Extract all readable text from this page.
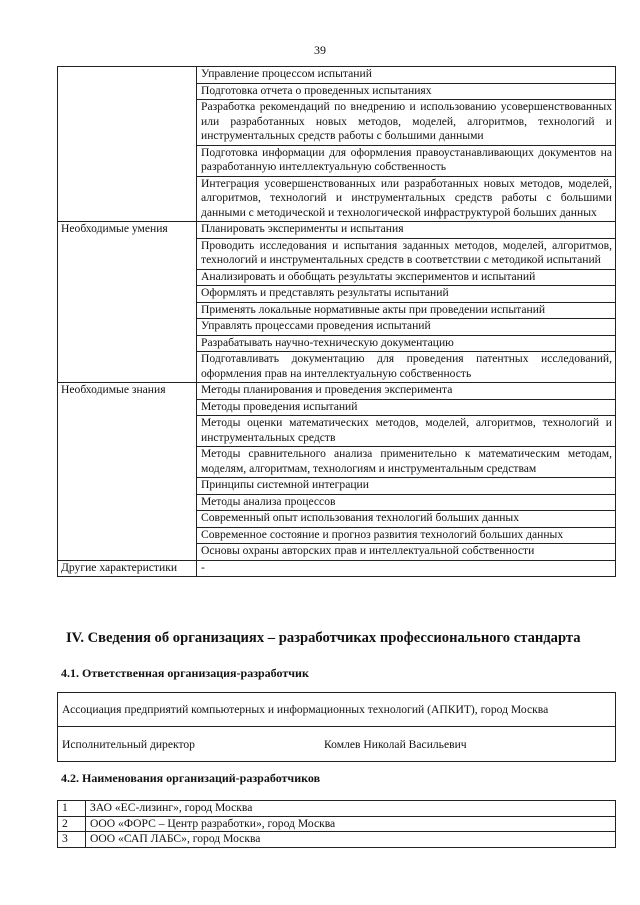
39
	Управление процессом испытаний
	Подготовка отчета о проведенных испытаниях
	Разработка рекомендаций по внедрению и использованию усовершенствованных или разработанных новых методов, моделей, алгоритмов, технологий и инструментальных средств работы с большими данными
	Подготовка информации для оформления правоустанавливающих документов на разработанную интеллектуальную собственность
	Интеграция усовершенствованных или разработанных новых методов, моделей, алгоритмов, технологий и инструментальных средств работы с большими данными с методической и технологической инфраструктурой больших данных
Необходимые умения	Планировать эксперименты и испытания
	Проводить исследования и испытания заданных методов, моделей, алгоритмов, технологий и инструментальных средств в соответствии с методикой испытаний
	Анализировать и обобщать результаты экспериментов и испытаний
	Оформлять и представлять результаты испытаний
	Применять локальные нормативные акты при проведении испытаний
	Управлять процессами проведения испытаний
	Разрабатывать научно-техническую документацию
	Подготавливать документацию для проведения патентных исследований, оформления прав на интеллектуальную собственность
Необходимые знания	Методы планирования и проведения эксперимента
	Методы проведения испытаний
	Методы оценки математических методов, моделей, алгоритмов, технологий и инструментальных средств
	Методы сравнительного анализа применительно к математическим методам, моделям, алгоритмам, технологиям и инструментальным средствам
	Принципы системной интеграции
	Методы анализа процессов
	Современный опыт использования технологий больших данных
	Современное состояние и прогноз развития технологий больших данных
	Основы охраны авторских прав и интеллектуальной собственности
Другие характеристики	-
IV. Сведения об организациях – разработчиках профессионального стандарта
4.1. Ответственная организация-разработчик
Ассоциация предприятий компьютерных и информационных технологий (АПКИТ), город Москва
Исполнительный директор	Комлев Николай Васильевич
4.2. Наименования организаций-разработчиков
1	ЗАО «ЕС-лизинг», город Москва
2	ООО «ФОРС – Центр разработки», город Москва
3	ООО «САП ЛАБС», город Москва
